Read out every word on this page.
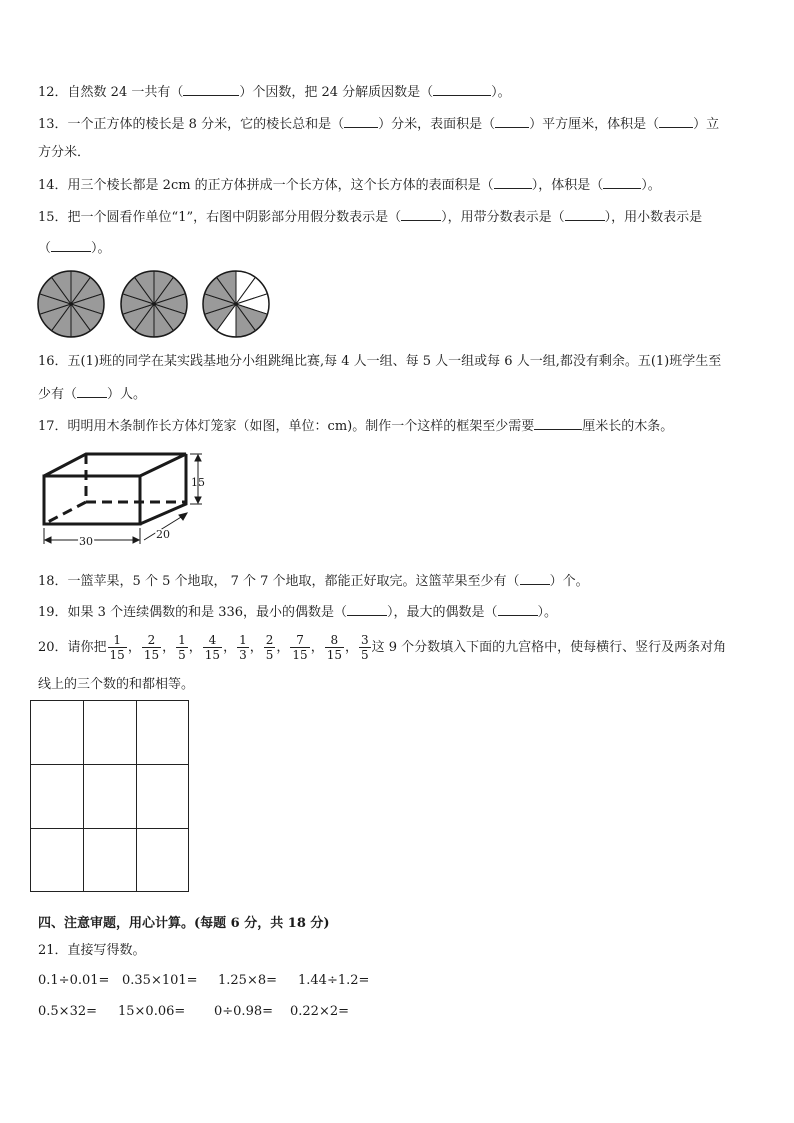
12．自然数 24 一共有（	）个因数，把 24 分解质因数是（	）。
13．一个正方体的棱长是 8 分米，它的棱长总和是（	）分米，表面积是（	）平方厘米，体积是（	）立
方分米．
14．用三个棱长都是 2cm 的正方体拼成一个长方体，这个长方体的表面积是（	），体积是（	）。
15．把一个圆看作单位“1”，右图中阴影部分用假分数表示是（	），用带分数表示是（	），用小数表示是
（	）。
16．五(1)班的同学在某实践基地分小组跳绳比赛,每 4 人一组、每 5 人一组或每 6 人一组,都没有剩余。五(1)班学生至
少有（ ）人。
17．明明用木条制作长方体灯笼家（如图，单位：cm)。制作一个这样的框架至少需要	厘米长的木条。
15
30
20
18．一篮苹果，5 个 5 个地取， 7 个 7 个地取，都能正好取完。这篮苹果至少有（ ）个。
19．如果 3 个连续偶数的和是 336，最小的偶数是（	），最大的偶数是（	）。
20．请你把 $\frac{1}{15}$ ， $\frac{2}{15}$ ， $\frac{1}{5}$ ， $\frac{4}{15}$ ， $\frac{1}{3}$ ， $\frac{2}{5}$ ， $\frac{7}{15}$ ， $\frac{8}{15}$ ， $\frac{3}{5}$ 这 9 个分数填入下面的九宫格中，使每横行、竖行及两条对角
线上的三个数的和都相等。
四、注意审题，用心计算。(每题 6 分，共 18 分)
21．直接写得数。
0.1÷0.01= 0.35×101= 1.25×8= 1.44÷1.2=
0.5×32= 15×0.06= 0÷0.98= 0.22×2=
